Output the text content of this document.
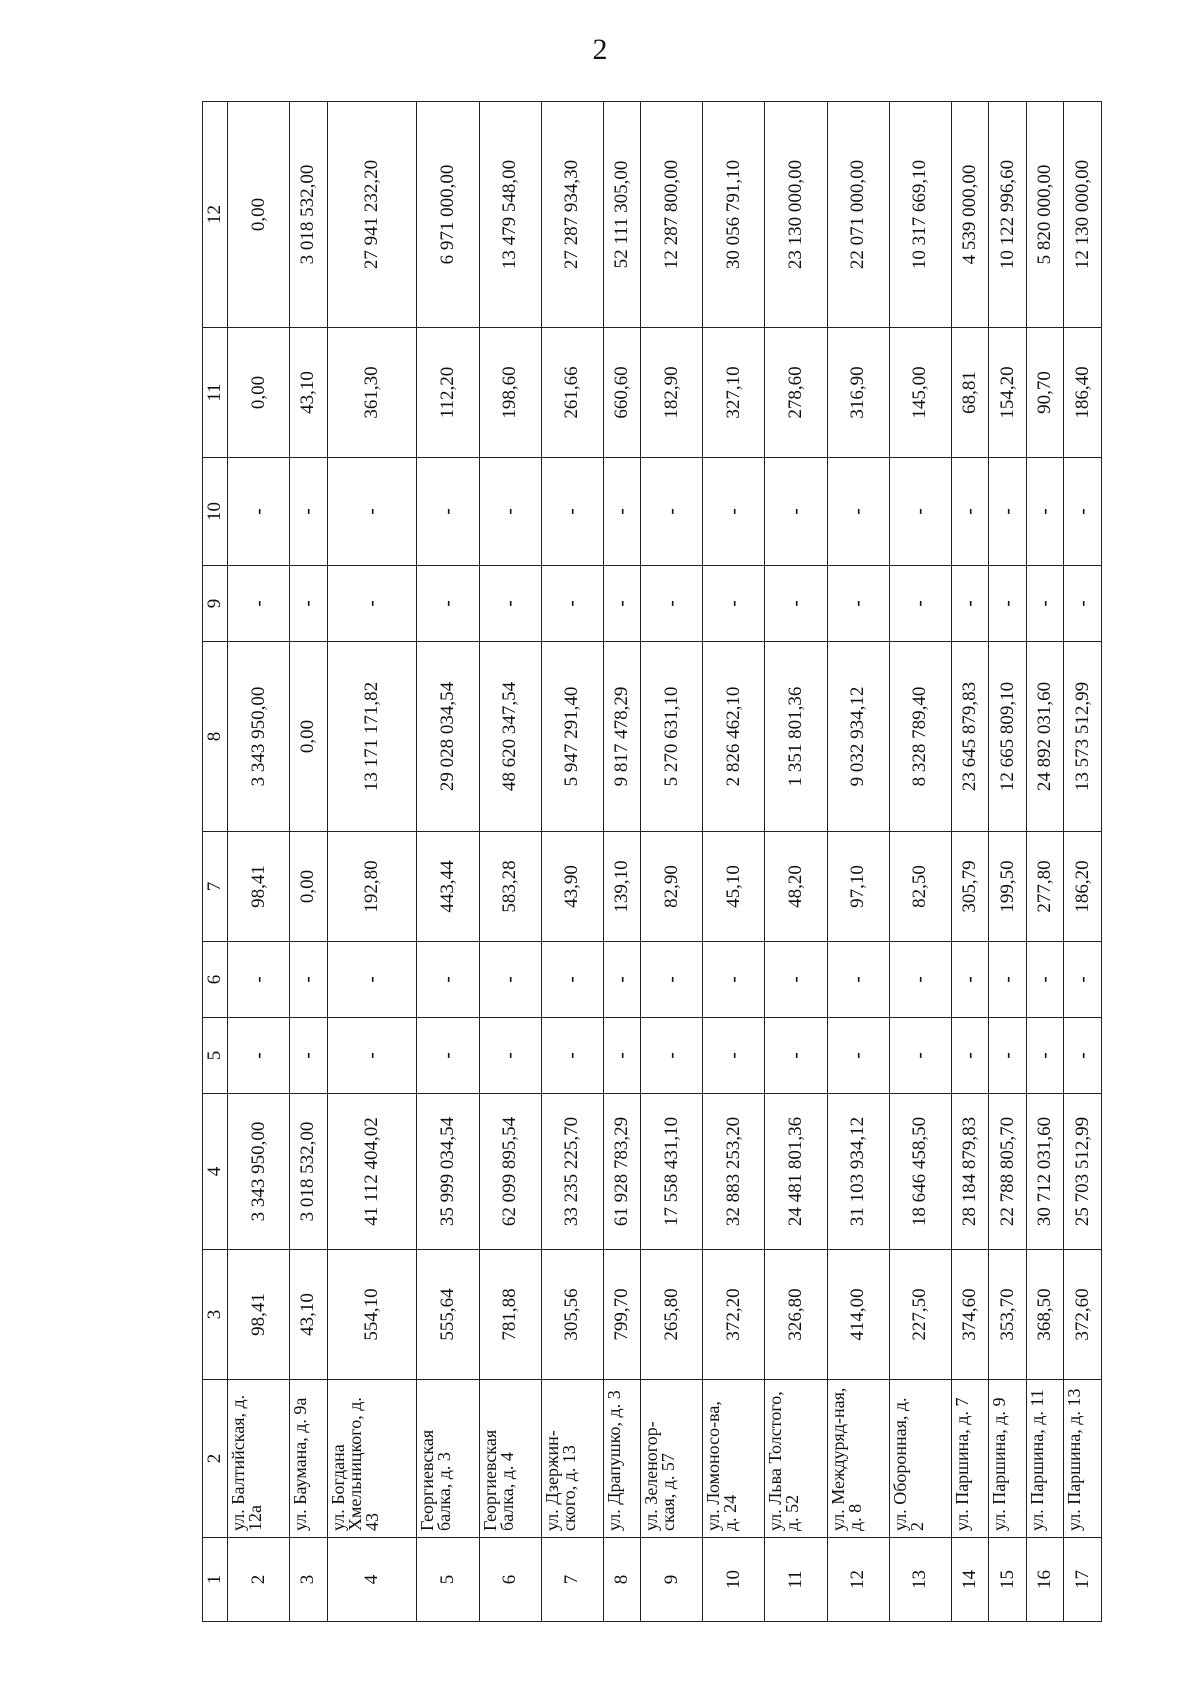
2
1	2	3	4	5	6	7	8	9	10	11	12
2	ул. Балтийская, д. 12а	98,41	3 343 950,00	-	-	98,41	3 343 950,00	-	-	0,00	0,00
3	ул. Баумана, д. 9а	43,10	3 018 532,00	-	-	0,00	0,00	-	-	43,10	3 018 532,00
4	ул. Богдана Хмельницкого, д. 43	554,10	41 112 404,02	-	-	192,80	13 171 171,82	-	-	361,30	27 941 232,20
5	Георгиевская балка, д. 3	555,64	35 999 034,54	-	-	443,44	29 028 034,54	-	-	112,20	6 971 000,00
6	Георгиевская балка, д. 4	781,88	62 099 895,54	-	-	583,28	48 620 347,54	-	-	198,60	13 479 548,00
7	ул. Дзержин-ского, д. 13	305,56	33 235 225,70	-	-	43,90	5 947 291,40	-	-	261,66	27 287 934,30
8	ул. Драпушко, д. 3	799,70	61 928 783,29	-	-	139,10	9 817 478,29	-	-	660,60	52 111 305,00
9	ул. Зеленогор-ская, д. 57	265,80	17 558 431,10	-	-	82,90	5 270 631,10	-	-	182,90	12 287 800,00
10	ул. Ломоносо-ва, д. 24	372,20	32 883 253,20	-	-	45,10	2 826 462,10	-	-	327,10	30 056 791,10
11	ул. Льва Толстого, д. 52	326,80	24 481 801,36	-	-	48,20	1 351 801,36	-	-	278,60	23 130 000,00
12	ул. Междуряд-ная, д. 8	414,00	31 103 934,12	-	-	97,10	9 032 934,12	-	-	316,90	22 071 000,00
13	ул. Оборонная, д. 2	227,50	18 646 458,50	-	-	82,50	8 328 789,40	-	-	145,00	10 317 669,10
14	ул. Паршина, д. 7	374,60	28 184 879,83	-	-	305,79	23 645 879,83	-	-	68,81	4 539 000,00
15	ул. Паршина, д. 9	353,70	22 788 805,70	-	-	199,50	12 665 809,10	-	-	154,20	10 122 996,60
16	ул. Паршина, д. 11	368,50	30 712 031,60	-	-	277,80	24 892 031,60	-	-	90,70	5 820 000,00
17	ул. Паршина, д. 13	372,60	25 703 512,99	-	-	186,20	13 573 512,99	-	-	186,40	12 130 000,00
